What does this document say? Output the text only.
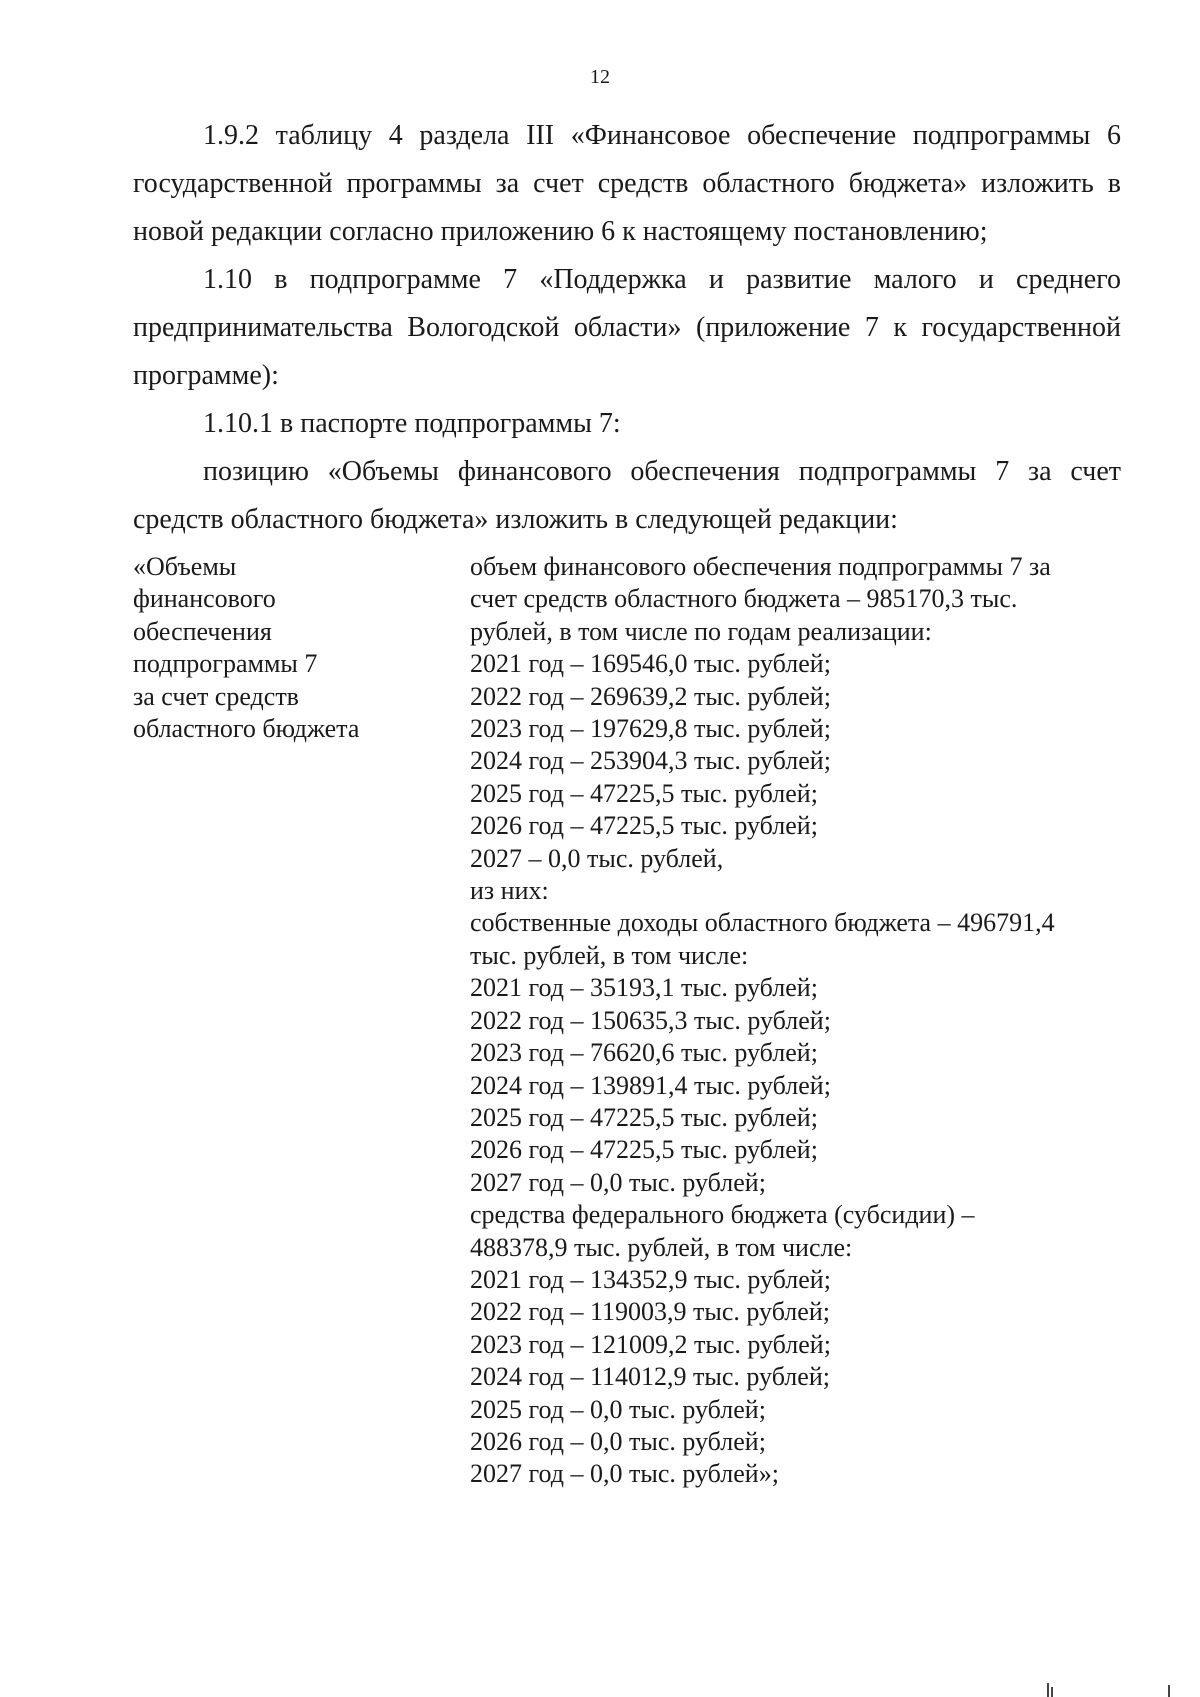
12

1.9.2 таблицу 4 раздела III «Финансовое обеспечение подпрограммы 6 государственной программы за счет средств областного бюджета» изложить в новой редакции согласно приложению 6 к настоящему постановлению;

1.10 в подпрограмме 7 «Поддержка и развитие малого и среднего предпринимательства Вологодской области» (приложение 7 к государственной программе):

1.10.1 в паспорте подпрограммы 7:

позицию «Объемы финансового обеспечения подпрограммы 7 за счет средств областного бюджета» изложить в следующей редакции:

«Объемы
финансового
обеспечения
подпрограммы 7
за счет средств
областного бюджета
объем финансового обеспечения подпрограммы 7 за
счет средств областного бюджета – 985170,3 тыс.
рублей, в том числе по годам реализации:
2021 год – 169546,0 тыс. рублей;
2022 год – 269639,2 тыс. рублей;
2023 год – 197629,8 тыс. рублей;
2024 год – 253904,3 тыс. рублей;
2025 год – 47225,5 тыс. рублей;
2026 год – 47225,5 тыс. рублей;
2027 – 0,0 тыс. рублей,
из них:
собственные доходы областного бюджета – 496791,4
тыс. рублей, в том числе:
2021 год – 35193,1 тыс. рублей;
2022 год – 150635,3 тыс. рублей;
2023 год – 76620,6 тыс. рублей;
2024 год – 139891,4 тыс. рублей;
2025 год – 47225,5 тыс. рублей;
2026 год – 47225,5 тыс. рублей;
2027 год – 0,0 тыс. рублей;
средства федерального бюджета (субсидии) –
488378,9 тыс. рублей, в том числе:
2021 год – 134352,9 тыс. рублей;
2022 год – 119003,9 тыс. рублей;
2023 год – 121009,2 тыс. рублей;
2024 год – 114012,9 тыс. рублей;
2025 год – 0,0 тыс. рублей;
2026 год – 0,0 тыс. рублей;
2027 год – 0,0 тыс. рублей»;
